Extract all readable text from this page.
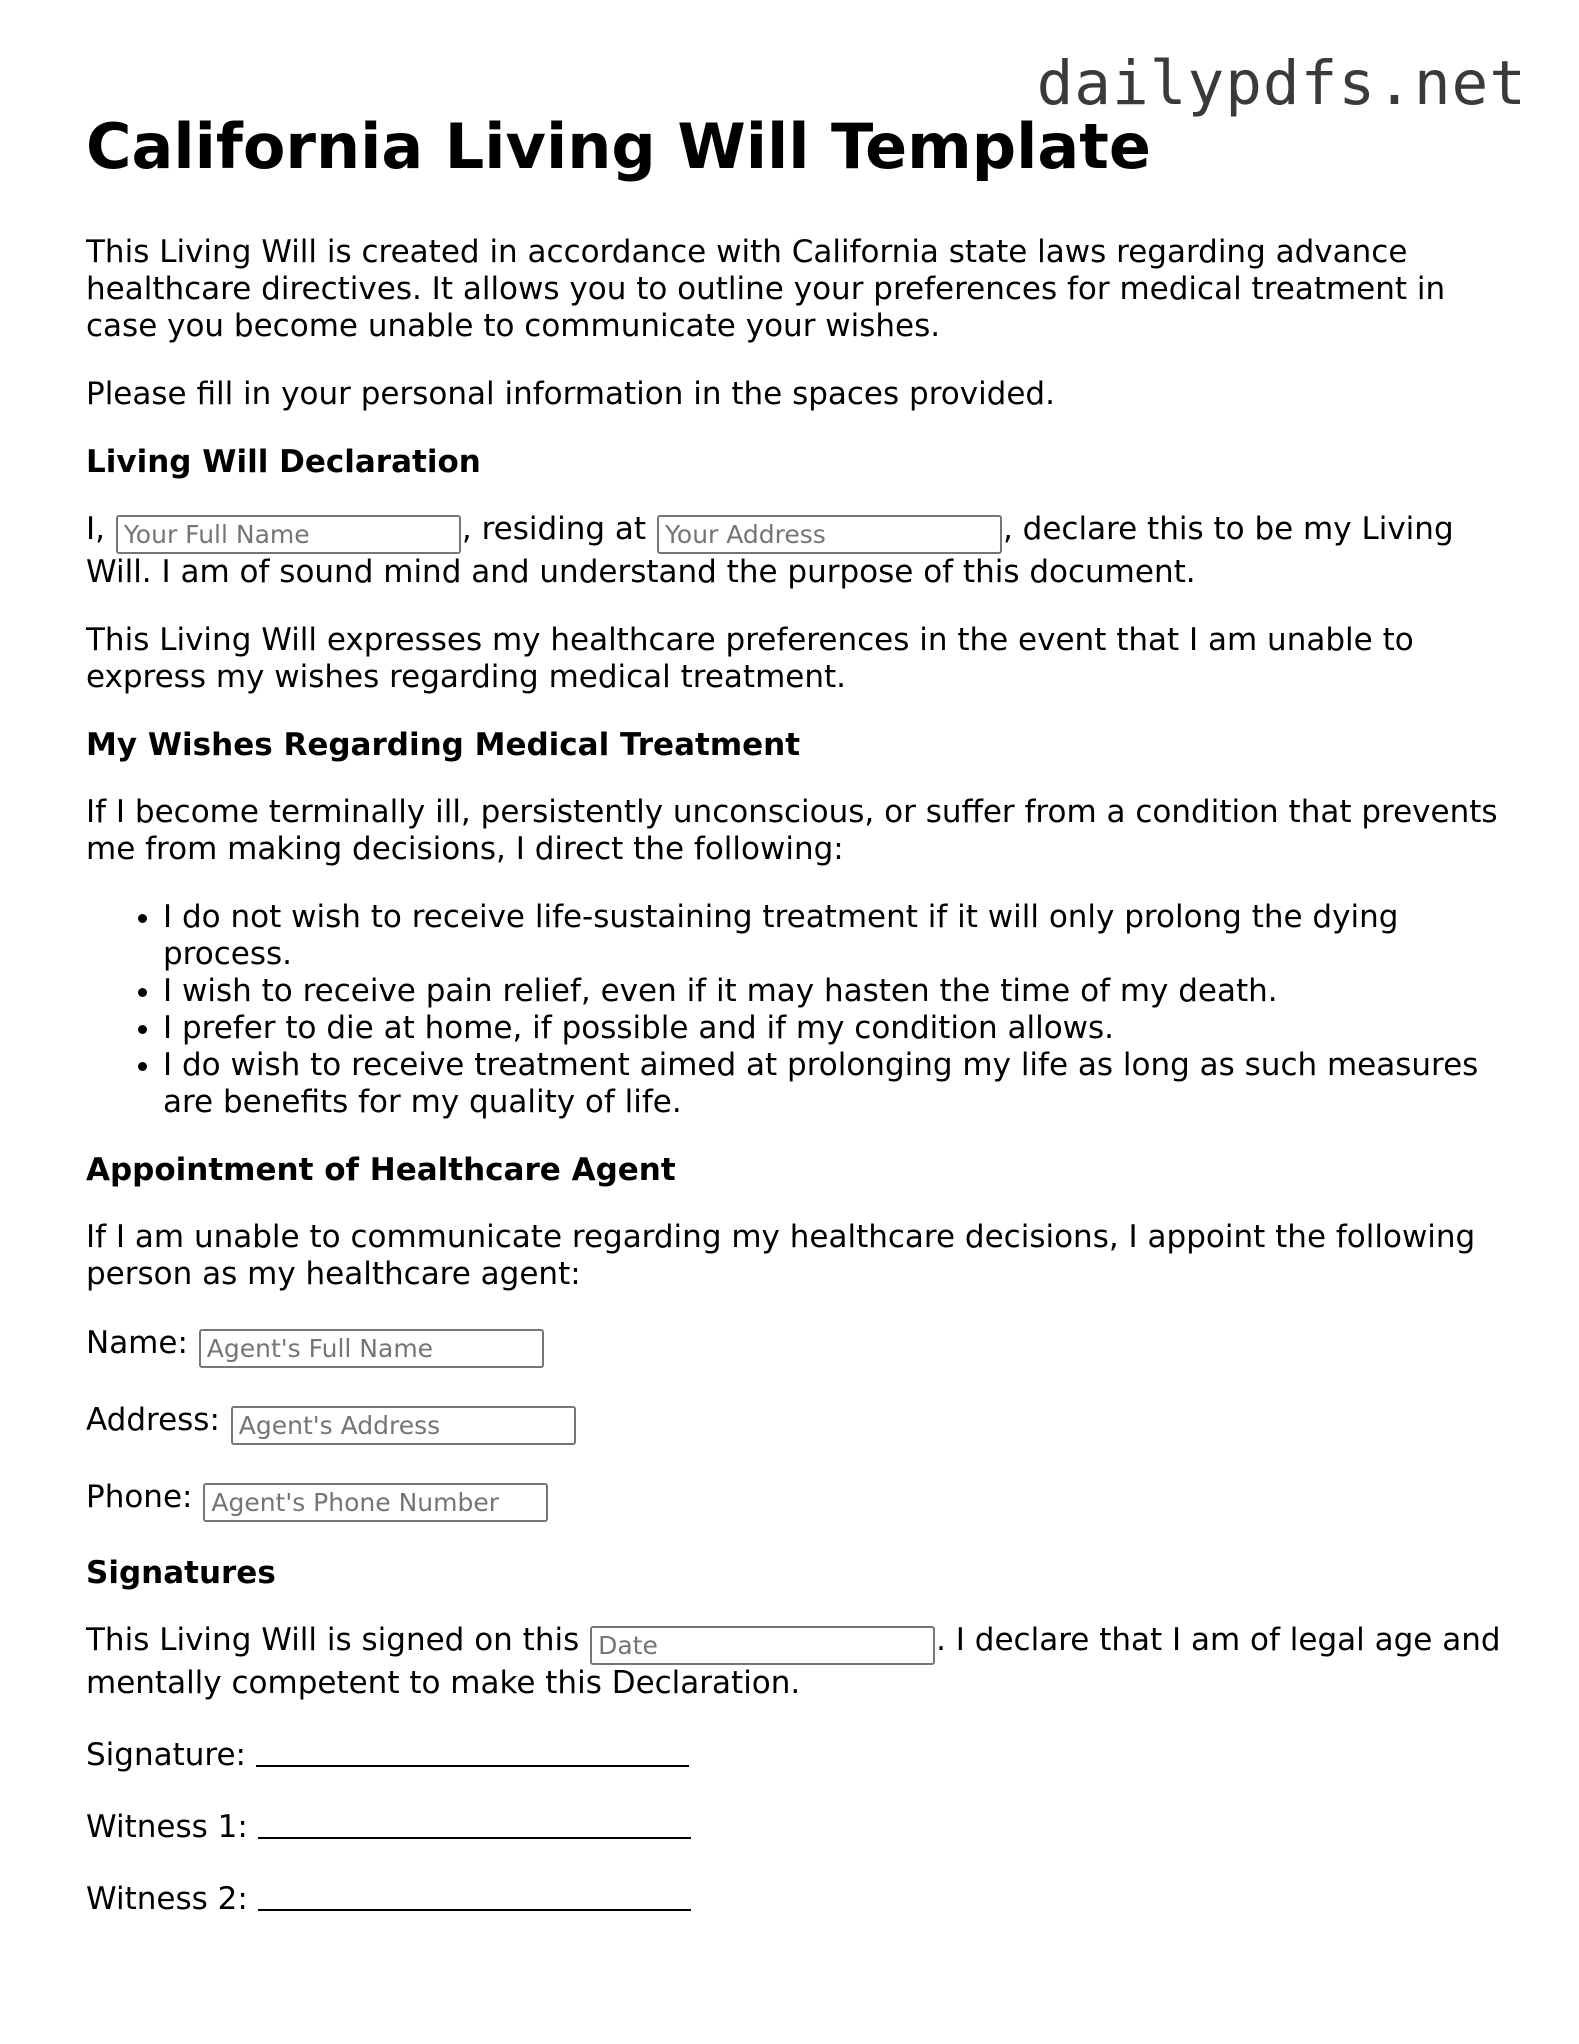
dailypdfs.net
California Living Will Template

This Living Will is created in accordance with California state laws regarding advance healthcare directives. It allows you to outline your preferences for medical treatment in case you become unable to communicate your wishes.

Please fill in your personal information in the spaces provided.

Living Will Declaration

I, Your Full Name	, residing at Your Address	, declare this to be my Living Will. I am of sound mind and understand the purpose of this document.

This Living Will expresses my healthcare preferences in the event that I am unable to express my wishes regarding medical treatment.

My Wishes Regarding Medical Treatment

If I become terminally ill, persistently unconscious, or suffer from a condition that prevents me from making decisions, I direct the following:

• I do not wish to receive life-sustaining treatment if it will only prolong the dying process.
• I wish to receive pain relief, even if it may hasten the time of my death.
• I prefer to die at home, if possible and if my condition allows.
• I do wish to receive treatment aimed at prolonging my life as long as such measures are benefits for my quality of life.
Appointment of Healthcare Agent

If I am unable to communicate regarding my healthcare decisions, I appoint the following person as my healthcare agent:

Name: Agent's Full Name
Address: Agent's Address
Phone: Agent's Phone Number
Signatures

This Living Will is signed on this Date	. I declare that I am of legal age and mentally competent to make this Declaration.

Signature:
Witness 1:
Witness 2:
